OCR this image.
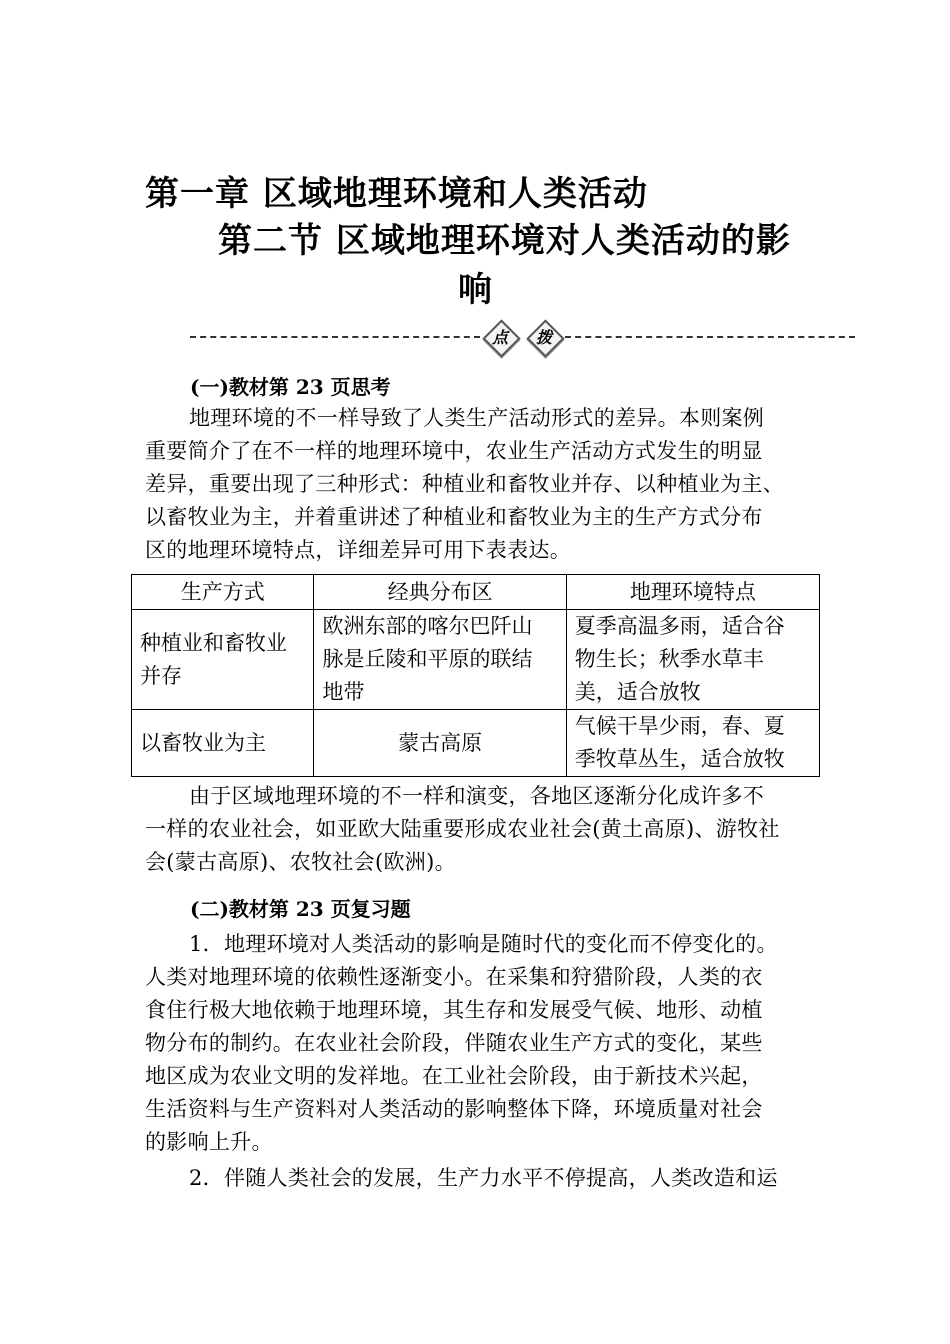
第一章 区域地理环境和人类活动
第二节 区域地理环境对人类活动的影
响
点	拨
(一)教材第 23 页思考
地理环境的不一样导致了人类生产活动形式的差异。本则案例
重要简介了在不一样的地理环境中，农业生产活动方式发生的明显
差异，重要出现了三种形式：种植业和畜牧业并存、以种植业为主、
以畜牧业为主，并着重讲述了种植业和畜牧业为主的生产方式分布
区的地理环境特点，详细差异可用下表表达。
生产方式	经典分布区	地理环境特点

种植业和畜牧业
并存	欧洲东部的喀尔巴阡山
脉是丘陵和平原的联结
地带	夏季高温多雨，适合谷
物生长；秋季水草丰
美，适合放牧

以畜牧业为主	蒙古高原	气候干旱少雨，春、夏
季牧草丛生，适合放牧
由于区域地理环境的不一样和演变，各地区逐渐分化成许多不
一样的农业社会，如亚欧大陆重要形成农业社会(黄土高原)、游牧社
会(蒙古高原)、农牧社会(欧洲)。
(二)教材第 23 页复习题
1．地理环境对人类活动的影响是随时代的变化而不停变化的。
人类对地理环境的依赖性逐渐变小。在采集和狩猎阶段，人类的衣
食住行极大地依赖于地理环境，其生存和发展受气候、地形、动植
物分布的制约。在农业社会阶段，伴随农业生产方式的变化，某些
地区成为农业文明的发祥地。在工业社会阶段，由于新技术兴起，
生活资料与生产资料对人类活动的影响整体下降，环境质量对社会
的影响上升。
2．伴随人类社会的发展，生产力水平不停提高，人类改造和运
